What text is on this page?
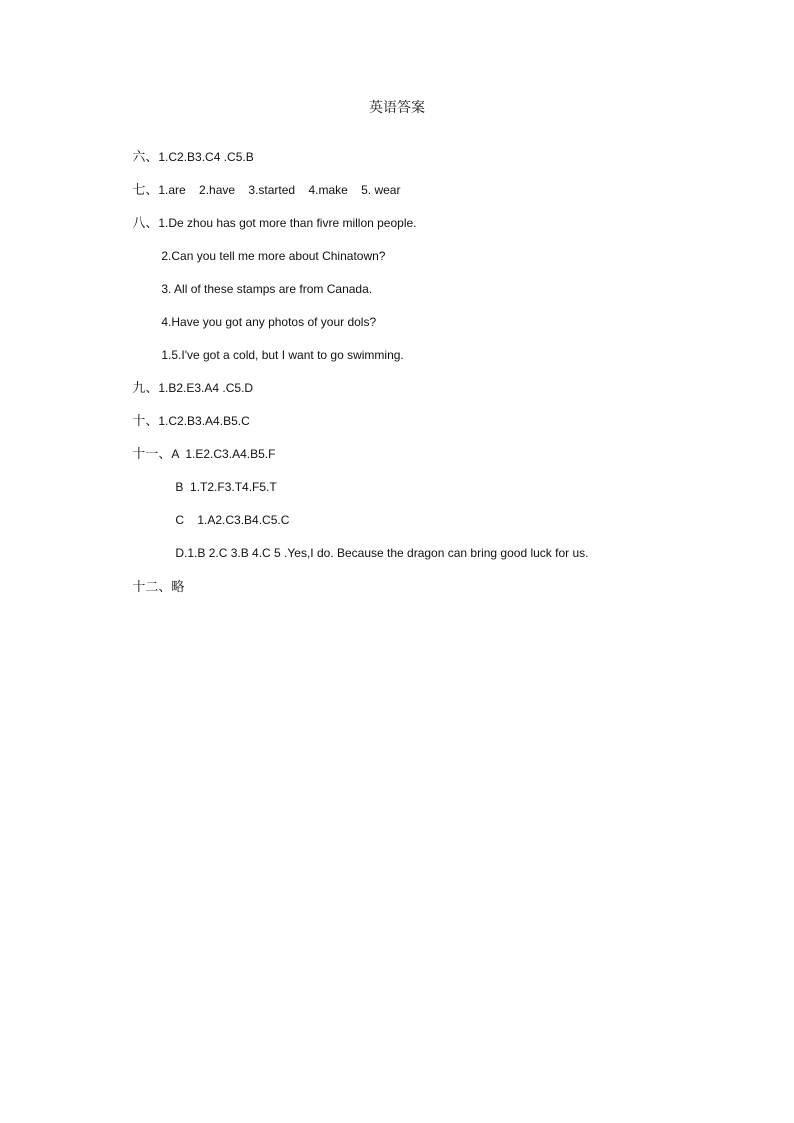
英语答案

六、1.C2.B3.C4 .C5.B

七、1.are    2.have    3.started    4.make    5. wear

八、1.De zhou has got more than fivre millon people.

2.Can you tell me more about Chinatown?

3. All of these stamps are from Canada.

4.Have you got any photos of your dols?

1.5.I've got a cold, but I want to go swimming.

九、1.B2.E3.A4 .C5.D

十、1.C2.B3.A4.B5.C

十一、A  1.E2.C3.A4.B5.F

B  1.T2.F3.T4.F5.T

C    1.A2.C3.B4.C5.C

D.1.B 2.C 3.B 4.C 5 .Yes,I do. Because the dragon can bring good luck for us.

十二、略
